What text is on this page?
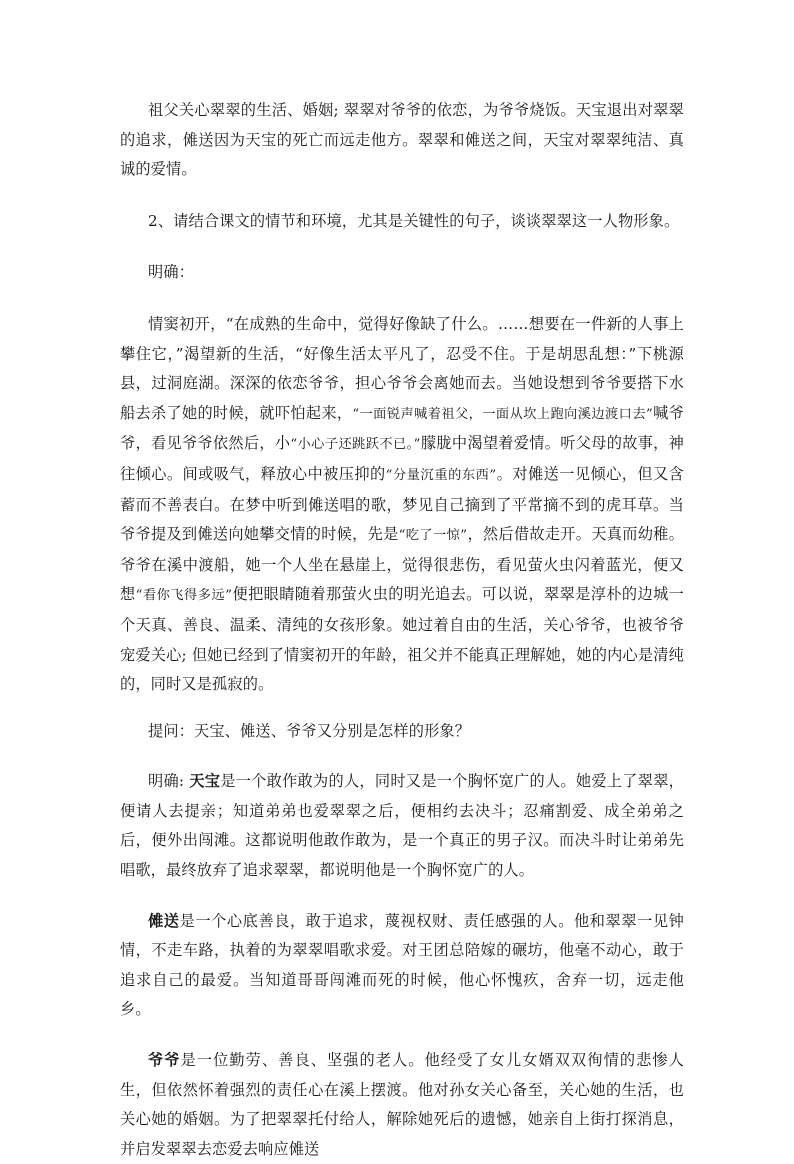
祖父关心翠翠的生活、婚姻; 翠翠对爷爷的依恋，为爷爷烧饭。天宝退出对翠翠的追求，傩送因为天宝的死亡而远走他方。翠翠和傩送之间，天宝对翠翠纯洁、真诚的爱情。

2、请结合课文的情节和环境，尤其是关键性的句子，谈谈翠翠这一人物形象。

明确：

情窦初开，“在成熟的生命中，觉得好像缺了什么。……想要在一件新的人事上攀住它，”渴望新的生活，“好像生活太平凡了，忍受不住。于是胡思乱想：”下桃源县，过洞庭湖。深深的依恋爷爷，担心爷爷会离她而去。当她设想到爷爷要搭下水船去杀了她的时候，就吓怕起来，“一面锐声喊着祖父，一面从坎上跑向溪边渡口去”喊爷爷，看见爷爷依然后，小“小心子还跳跃不已。”朦胧中渴望着爱情。听父母的故事，神往倾心。间或吸气，释放心中被压抑的“分量沉重的东西”。对傩送一见倾心，但又含蓄而不善表白。在梦中听到傩送唱的歌，梦见自己摘到了平常摘不到的虎耳草。当爷爷提及到傩送向她攀交情的时候，先是“吃了一惊”，然后借故走开。天真而幼稚。爷爷在溪中渡船，她一个人坐在悬崖上，觉得很悲伤，看见萤火虫闪着蓝光，便又想“看你飞得多远”便把眼睛随着那萤火虫的明光追去。可以说，翠翠是淳朴的边城一个天真、善良、温柔、清纯的女孩形象。她过着自由的生活，关心爷爷，也被爷爷宠爱关心; 但她已经到了情窦初开的年龄，祖父并不能真正理解她，她的内心是清纯的，同时又是孤寂的。

提问：天宝、傩送、爷爷又分别是怎样的形象？

明确: 天宝是一个敢作敢为的人，同时又是一个胸怀宽广的人。她爱上了翠翠，便请人去提亲；知道弟弟也爱翠翠之后，便相约去决斗；忍痛割爱、成全弟弟之后，便外出闯滩。这都说明他敢作敢为，是一个真正的男子汉。而决斗时让弟弟先唱歌，最终放弃了追求翠翠，都说明他是一个胸怀宽广的人。

傩送是一个心底善良，敢于追求，蔑视权财、责任感强的人。他和翠翠一见钟情，不走车路，执着的为翠翠唱歌求爱。对王团总陪嫁的碾坊，他毫不动心，敢于追求自己的最爱。当知道哥哥闯滩而死的时候，他心怀愧疚，舍弃一切，远走他乡。

爷爷是一位勤劳、善良、坚强的老人。他经受了女儿女婿双双徇情的悲惨人生，但依然怀着强烈的责任心在溪上摆渡。他对孙女关心备至，关心她的生活，也关心她的婚姻。为了把翠翠托付给人，解除她死后的遗憾，她亲自上街打探消息，并启发翠翠去恋爱去响应傩送
